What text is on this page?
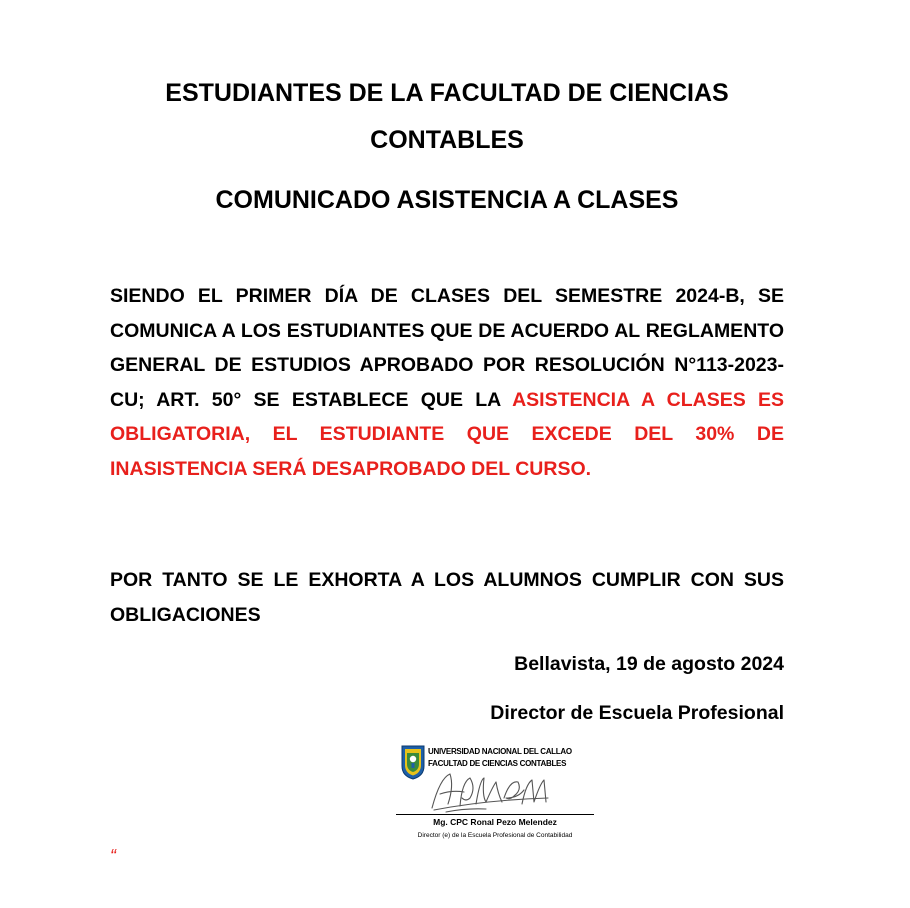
ESTUDIANTES DE LA FACULTAD DE CIENCIAS CONTABLES
COMUNICADO ASISTENCIA A CLASES

SIENDO EL PRIMER DÍA DE CLASES DEL SEMESTRE 2024-B, SE COMUNICA A LOS ESTUDIANTES QUE DE ACUERDO AL REGLAMENTO GENERAL DE ESTUDIOS APROBADO POR RESOLUCIÓN N°113-2023-CU; ART. 50° SE ESTABLECE QUE LA ASISTENCIA A CLASES ES OBLIGATORIA, EL ESTUDIANTE QUE EXCEDE DEL 30% DE INASISTENCIA SERÁ DESAPROBADO DEL CURSO.

POR TANTO SE LE EXHORTA A LOS ALUMNOS CUMPLIR CON SUS OBLIGACIONES

Bellavista, 19 de agosto 2024

Director de Escuela Profesional

UNIVERSIDAD NACIONAL DEL CALLAO
FACULTAD DE CIENCIAS CONTABLES
Mg. CPC Ronal Pezo Melendez
Director (e) de la Escuela Profesional de Contabilidad
“
